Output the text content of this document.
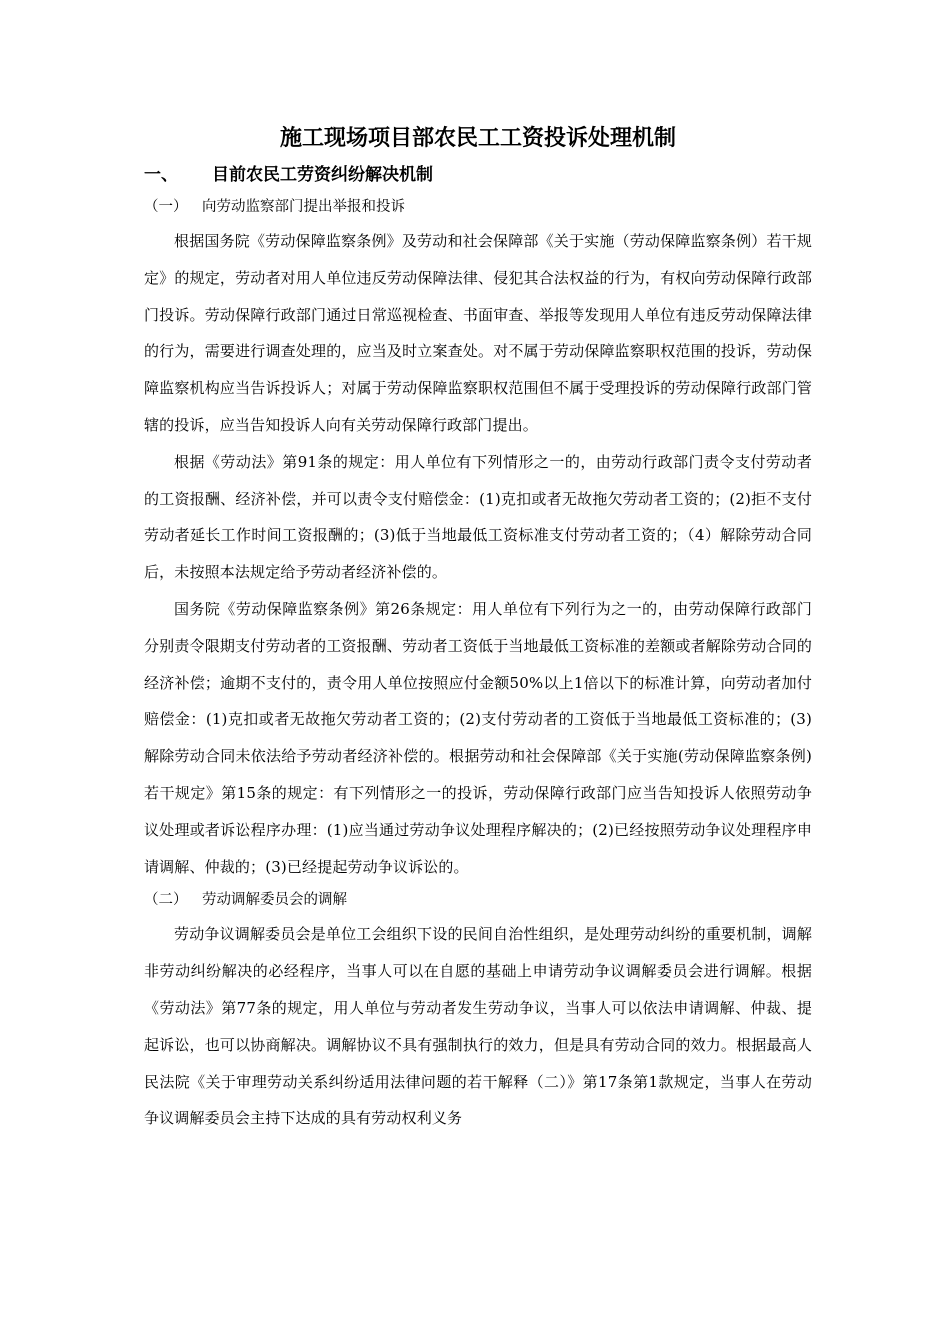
施工现场项目部农民工工资投诉处理机制
一、 目前农民工劳资纠纷解决机制
（一） 向劳动监察部门提出举报和投诉

根据国务院《劳动保障监察条例》及劳动和社会保障部《关于实施（劳动保障监察条例）若干规定》的规定，劳动者对用人单位违反劳动保障法律、侵犯其合法权益的行为，有权向劳动保障行政部门投诉。劳动保障行政部门通过日常巡视检查、书面审查、举报等发现用人单位有违反劳动保障法律的行为，需要进行调查处理的，应当及时立案查处。对不属于劳动保障监察职权范围的投诉，劳动保障监察机构应当告诉投诉人；对属于劳动保障监察职权范围但不属于受理投诉的劳动保障行政部门管辖的投诉，应当告知投诉人向有关劳动保障行政部门提出。

根据《劳动法》第91条的规定：用人单位有下列情形之一的，由劳动行政部门责令支付劳动者的工资报酬、经济补偿，并可以责令支付赔偿金：(1)克扣或者无故拖欠劳动者工资的；(2)拒不支付劳动者延长工作时间工资报酬的；(3)低于当地最低工资标准支付劳动者工资的；（4）解除劳动合同后，未按照本法规定给予劳动者经济补偿的。

国务院《劳动保障监察条例》第26条规定：用人单位有下列行为之一的，由劳动保障行政部门分别责令限期支付劳动者的工资报酬、劳动者工资低于当地最低工资标准的差额或者解除劳动合同的经济补偿；逾期不支付的，责令用人单位按照应付金额50%以上1倍以下的标准计算，向劳动者加付赔偿金：(1)克扣或者无故拖欠劳动者工资的；(2)支付劳动者的工资低于当地最低工资标准的；(3)解除劳动合同未依法给予劳动者经济补偿的。根据劳动和社会保障部《关于实施(劳动保障监察条例)若干规定》第15条的规定：有下列情形之一的投诉，劳动保障行政部门应当告知投诉人依照劳动争议处理或者诉讼程序办理：(1)应当通过劳动争议处理程序解决的；(2)已经按照劳动争议处理程序申请调解、仲裁的；(3)已经提起劳动争议诉讼的。

（二） 劳动调解委员会的调解

劳动争议调解委员会是单位工会组织下设的民间自治性组织，是处理劳动纠纷的重要机制，调解非劳动纠纷解决的必经程序，当事人可以在自愿的基础上申请劳动争议调解委员会进行调解。根据《劳动法》第77条的规定，用人单位与劳动者发生劳动争议，当事人可以依法申请调解、仲裁、提起诉讼，也可以协商解决。调解协议不具有强制执行的效力，但是具有劳动合同的效力。根据最高人民法院《关于审理劳动关系纠纷适用法律问题的若干解释（二）》第17条第1款规定，当事人在劳动争议调解委员会主持下达成的具有劳动权利义务
